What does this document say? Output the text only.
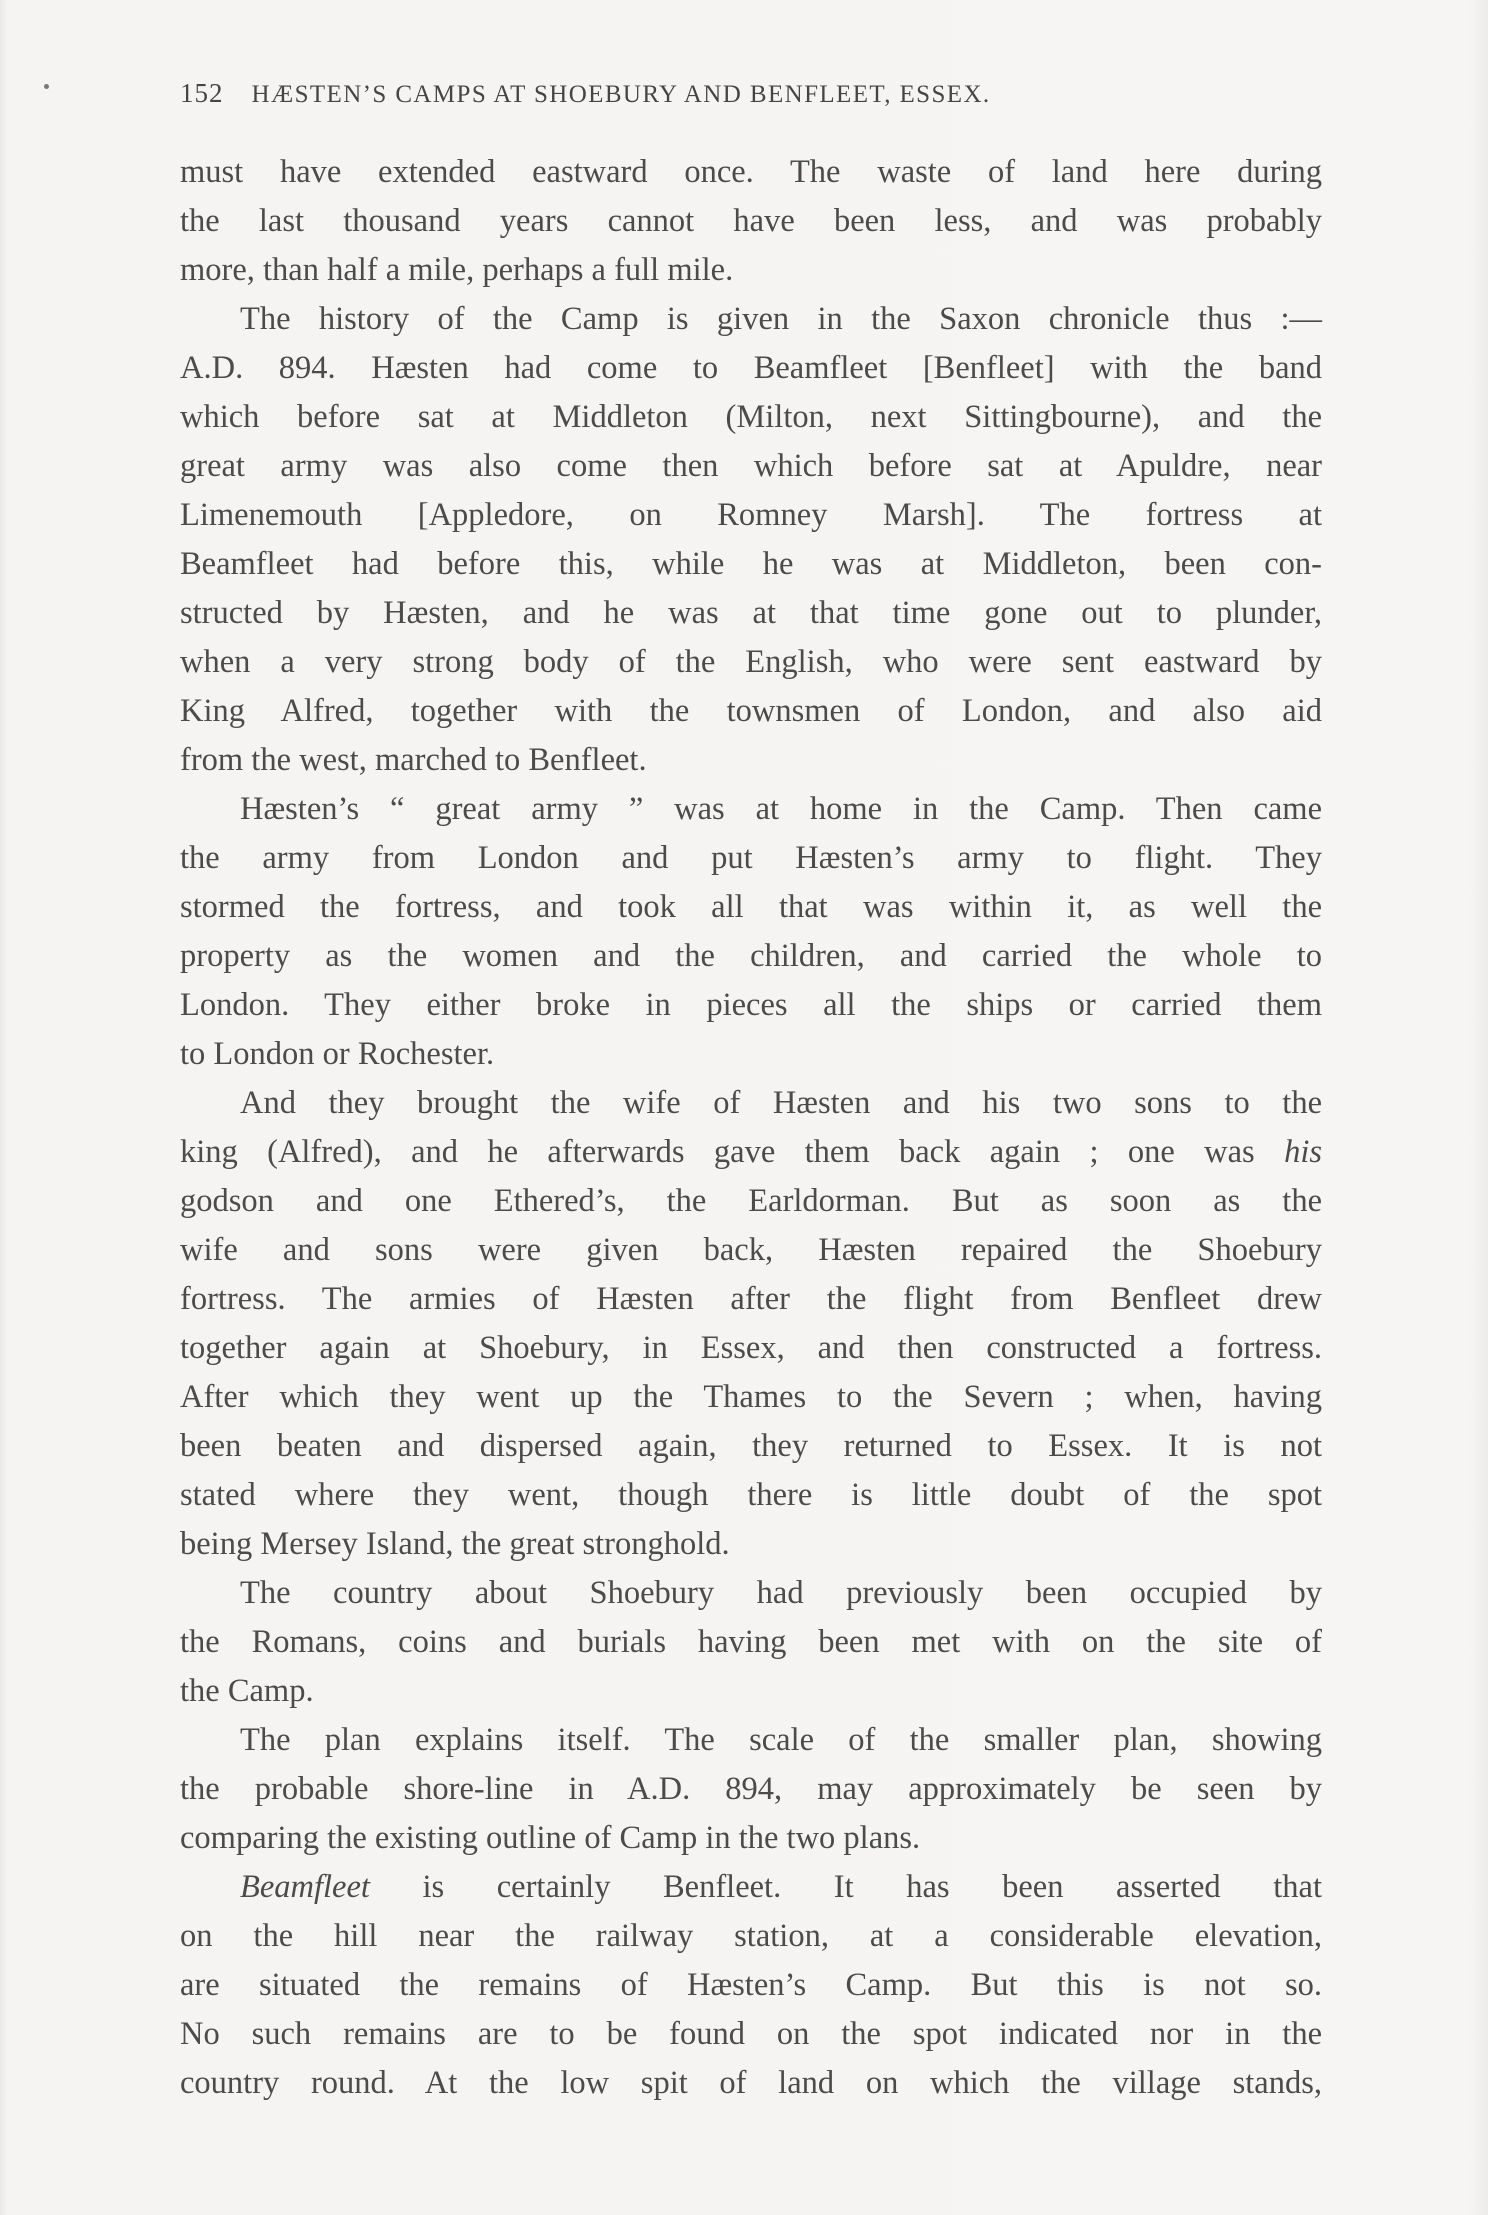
152 HÆSTEN’S CAMPS AT SHOEBURY AND BENFLEET, ESSEX.

must have extended eastward once. The waste of land here during
the last thousand years cannot have been less, and was probably
more, than half a mile, perhaps a full mile.

The history of the Camp is given in the Saxon chronicle thus :—
A.D. 894. Hæsten had come to Beamfleet [Benfleet] with the band
which before sat at Middleton (Milton, next Sittingbourne), and the
great army was also come then which before sat at Apuldre, near
Limenemouth [Appledore, on Romney Marsh]. The fortress at
Beamfleet had before this, while he was at Middleton, been con-
structed by Hæsten, and he was at that time gone out to plunder,
when a very strong body of the English, who were sent eastward by
King Alfred, together with the townsmen of London, and also aid
from the west, marched to Benfleet.

Hæsten’s “ great army ” was at home in the Camp. Then came
the army from London and put Hæsten’s army to flight. They
stormed the fortress, and took all that was within it, as well the
property as the women and the children, and carried the whole to
London. They either broke in pieces all the ships or carried them
to London or Rochester.

And they brought the wife of Hæsten and his two sons to the
king (Alfred), and he afterwards gave them back again ; one was his
godson and one Ethered’s, the Earldorman. But as soon as the
wife and sons were given back, Hæsten repaired the Shoebury
fortress. The armies of Hæsten after the flight from Benfleet drew
together again at Shoebury, in Essex, and then constructed a fortress.
After which they went up the Thames to the Severn ; when, having
been beaten and dispersed again, they returned to Essex. It is not
stated where they went, though there is little doubt of the spot
being Mersey Island, the great stronghold.

The country about Shoebury had previously been occupied by
the Romans, coins and burials having been met with on the site of
the Camp.

The plan explains itself. The scale of the smaller plan, showing
the probable shore-line in A.D. 894, may approximately be seen by
comparing the existing outline of Camp in the two plans.

Beamfleet is certainly Benfleet. It has been asserted that
on the hill near the railway station, at a considerable elevation,
are situated the remains of Hæsten’s Camp. But this is not so.
No such remains are to be found on the spot indicated nor in the
country round. At the low spit of land on which the village stands,
